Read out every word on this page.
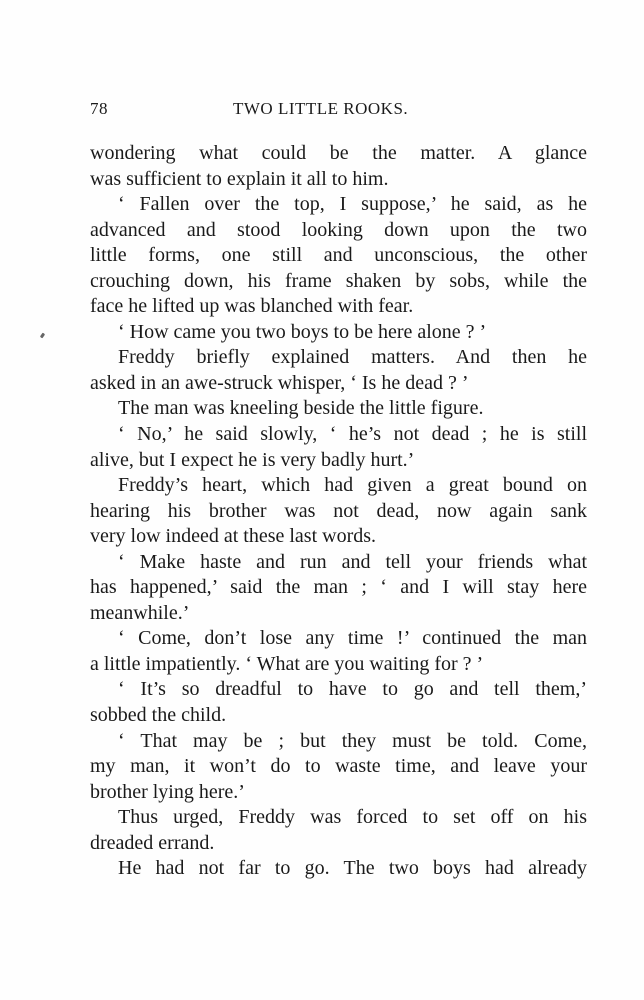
78	TWO LITTLE ROOKS.
wondering what could be the matter. A glance
was sufficient to explain it all to him.
‘ Fallen over the top, I suppose,’ he said, as he
advanced and stood looking down upon the two
little forms, one still and unconscious, the other
crouching down, his frame shaken by sobs, while the
face he lifted up was blanched with fear.
‘ How came you two boys to be here alone ? ’
Freddy briefly explained matters. And then he
asked in an awe-struck whisper, ‘ Is he dead ? ’
The man was kneeling beside the little figure.
‘ No,’ he said slowly, ‘ he’s not dead ; he is still
alive, but I expect he is very badly hurt.’
Freddy’s heart, which had given a great bound on
hearing his brother was not dead, now again sank
very low indeed at these last words.
‘ Make haste and run and tell your friends what
has happened,’ said the man ; ‘ and I will stay here
meanwhile.’
‘ Come, don’t lose any time !’ continued the man
a little impatiently. ‘ What are you waiting for ? ’
‘ It’s so dreadful to have to go and tell them,’
sobbed the child.
‘ That may be ; but they must be told. Come,
my man, it won’t do to waste time, and leave your
brother lying here.’
Thus urged, Freddy was forced to set off on his
dreaded errand.
He had not far to go. The two boys had already
